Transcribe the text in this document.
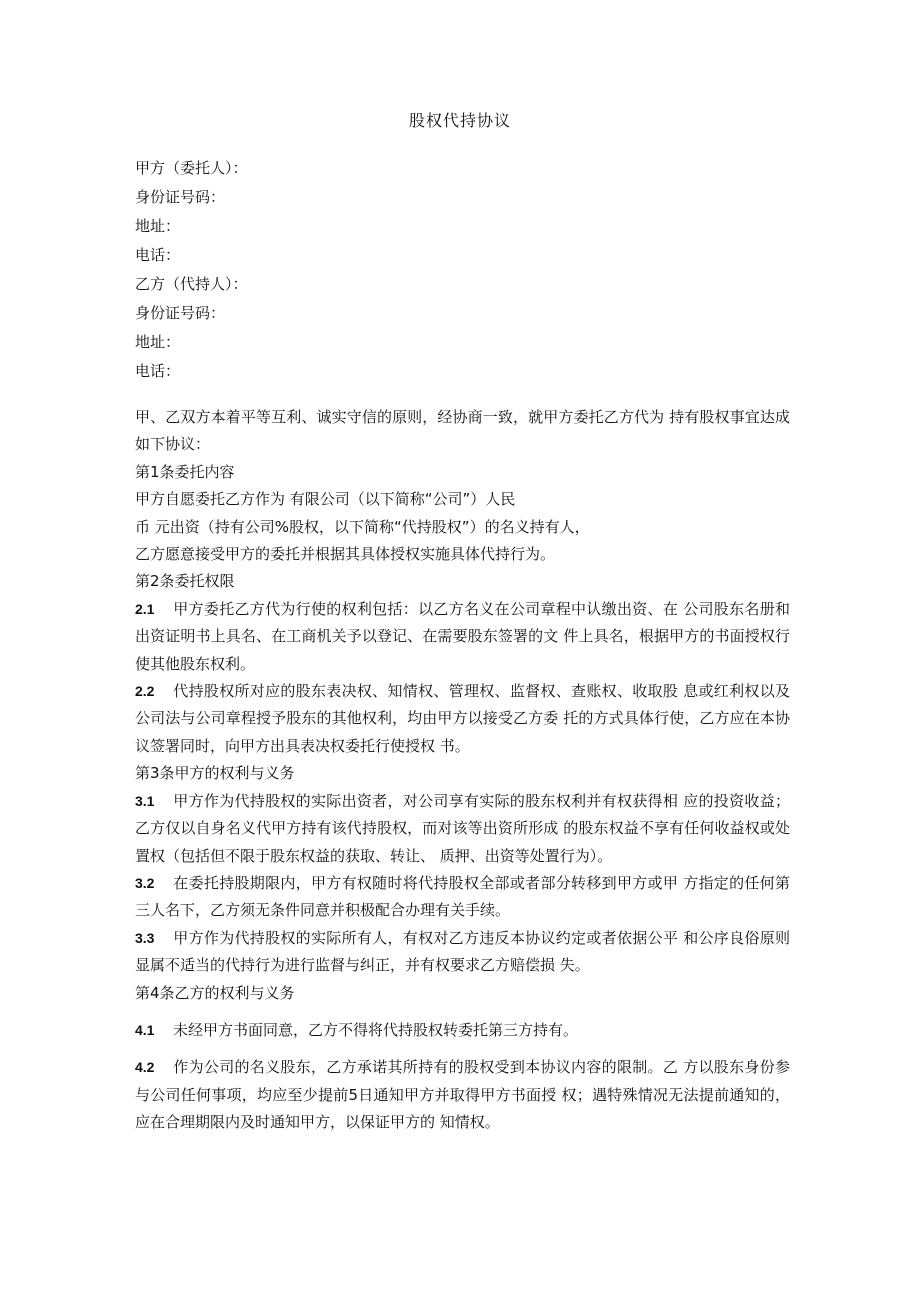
股权代持协议
甲方（委托人）：
身份证号码：
地址：
电话：
乙方（代持人）：
身份证号码：
地址：
电话：

甲、乙双方本着平等互利、诚实守信的原则，经协商一致，就甲方委托乙方代为 持有股权事宜达成如下协议：

第1条委托内容

甲方自愿委托乙方作为 有限公司（以下简称“公司”）人民

币 元出资（持有公司%股权，以下简称“代持股权”）的名义持有人，

乙方愿意接受甲方的委托并根据其具体授权实施具体代持行为。

第2条委托权限

2.1 甲方委托乙方代为行使的权利包括：以乙方名义在公司章程中认缴出资、在 公司股东名册和出资证明书上具名、在工商机关予以登记、在需要股东签署的文 件上具名，根据甲方的书面授权行使其他股东权利。

2.2 代持股权所对应的股东表决权、知情权、管理权、监督权、查账权、收取股 息或红利权以及公司法与公司章程授予股东的其他权利，均由甲方以接受乙方委 托的方式具体行使，乙方应在本协议签署同时，向甲方出具表决权委托行使授权 书。

第3条甲方的权利与义务

3.1 甲方作为代持股权的实际出资者，对公司享有实际的股东权利并有权获得相 应的投资收益；乙方仅以自身名义代甲方持有该代持股权，而对该等出资所形成 的股东权益不享有任何收益权或处置权（包括但不限于股东权益的获取、转让、 质押、出资等处置行为）。

3.2 在委托持股期限内，甲方有权随时将代持股权全部或者部分转移到甲方或甲 方指定的任何第三人名下，乙方须无条件同意并积极配合办理有关手续。

3.3 甲方作为代持股权的实际所有人，有权对乙方违反本协议约定或者依据公平 和公序良俗原则显属不适当的代持行为进行监督与纠正，并有权要求乙方赔偿损 失。

第4条乙方的权利与义务

4.1 未经甲方书面同意，乙方不得将代持股权转委托第三方持有。

4.2 作为公司的名义股东，乙方承诺其所持有的股权受到本协议内容的限制。乙 方以股东身份参与公司任何事项，均应至少提前5日通知甲方并取得甲方书面授 权；遇特殊情况无法提前通知的，应在合理期限内及时通知甲方，以保证甲方的 知情权。
